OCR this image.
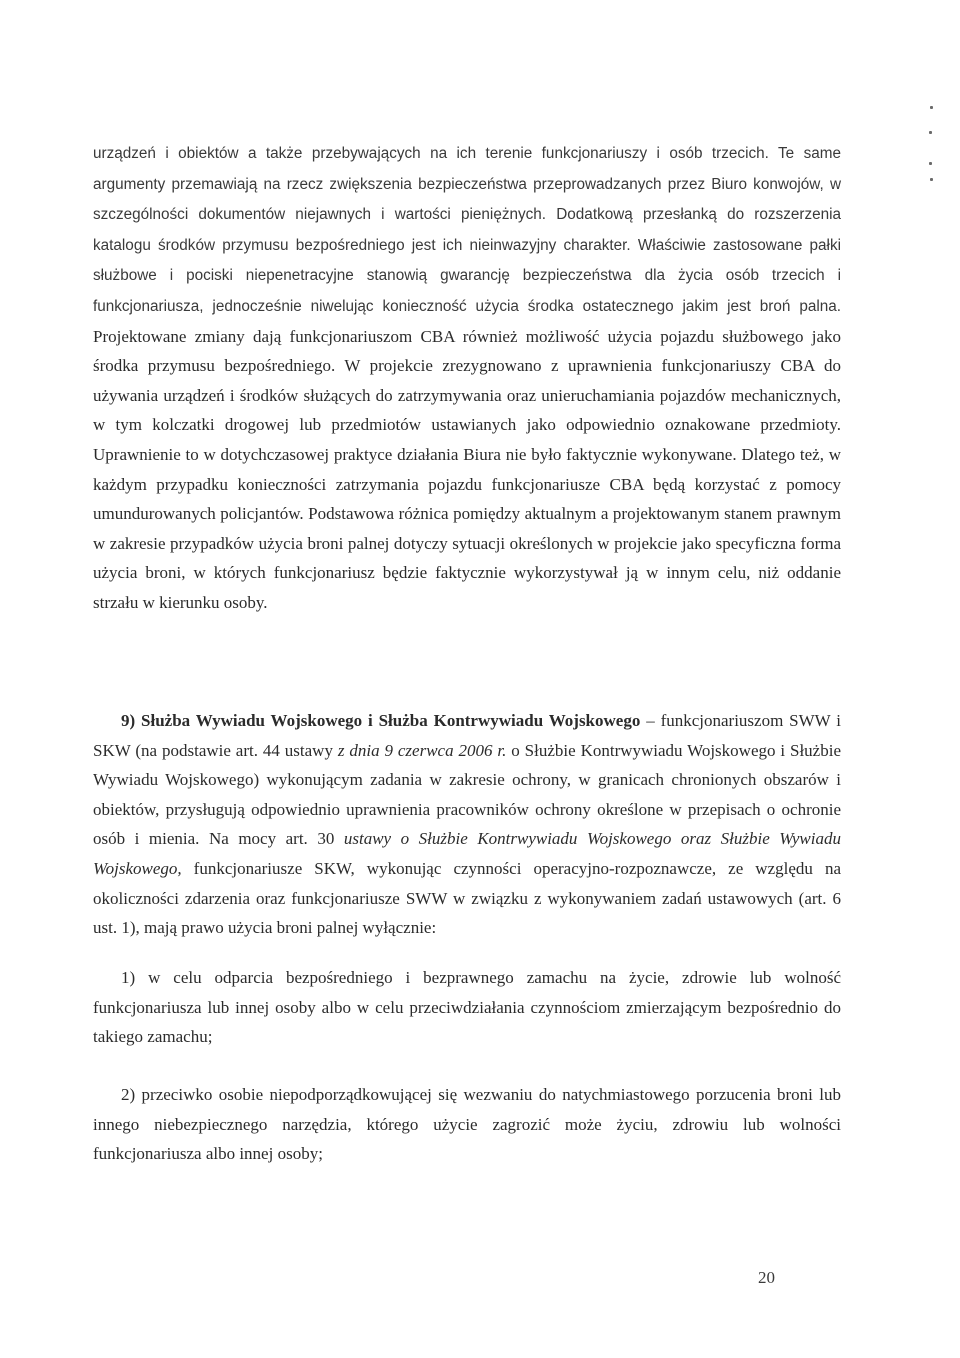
urządzeń i obiektów a także przebywających na ich terenie funkcjonariuszy i osób trzecich. Te same argumenty przemawiają na rzecz zwiększenia bezpieczeństwa przeprowadzanych przez Biuro konwojów, w szczególności dokumentów niejawnych i wartości pieniężnych. Dodatkową przesłanką do rozszerzenia katalogu środków przymusu bezpośredniego jest ich nieinwazyjny charakter. Właściwie zastosowane pałki służbowe i pociski niepenetracyjne stanowią gwarancję bezpieczeństwa dla życia osób trzecich i funkcjonariusza, jednocześnie niwelując konieczność użycia środka ostatecznego jakim jest broń palna. Projektowane zmiany dają funkcjonariuszom CBA również możliwość użycia pojazdu służbowego jako środka przymusu bezpośredniego. W projekcie zrezygnowano z uprawnienia funkcjonariuszy CBA do używania urządzeń i środków służących do zatrzymywania oraz unieruchamiania pojazdów mechanicznych, w tym kolczatki drogowej lub przedmiotów ustawianych jako odpowiednio oznakowane przedmioty. Uprawnienie to w dotychczasowej praktyce działania Biura nie było faktycznie wykonywane. Dlatego też, w każdym przypadku konieczności zatrzymania pojazdu funkcjonariusze CBA będą korzystać z pomocy umundurowanych policjantów. Podstawowa różnica pomiędzy aktualnym a projektowanym stanem prawnym w zakresie przypadków użycia broni palnej dotyczy sytuacji określonych w projekcie jako specyficzna forma użycia broni, w których funkcjonariusz będzie faktycznie wykorzystywał ją w innym celu, niż oddanie strzału w kierunku osoby.

9) Służba Wywiadu Wojskowego i Służba Kontrwywiadu Wojskowego – funkcjonariuszom SWW i SKW (na podstawie art. 44 ustawy z dnia 9 czerwca 2006 r. o Służbie Kontrwywiadu Wojskowego i Służbie Wywiadu Wojskowego) wykonującym zadania w zakresie ochrony, w granicach chronionych obszarów i obiektów, przysługują odpowiednio uprawnienia pracowników ochrony określone w przepisach o ochronie osób i mienia. Na mocy art. 30 ustawy o Służbie Kontrwywiadu Wojskowego oraz Służbie Wywiadu Wojskowego, funkcjonariusze SKW, wykonując czynności operacyjno-rozpoznawcze, ze względu na okoliczności zdarzenia oraz funkcjonariusze SWW w związku z wykonywaniem zadań ustawowych (art. 6 ust. 1), mają prawo użycia broni palnej wyłącznie:

1) w celu odparcia bezpośredniego i bezprawnego zamachu na życie, zdrowie lub wolność funkcjonariusza lub innej osoby albo w celu przeciwdziałania czynnościom zmierzającym bezpośrednio do takiego zamachu;

2) przeciwko osobie niepodporządkowującej się wezwaniu do natychmiastowego porzucenia broni lub innego niebezpiecznego narzędzia, którego użycie zagrozić może życiu, zdrowiu lub wolności funkcjonariusza albo innej osoby;

20
